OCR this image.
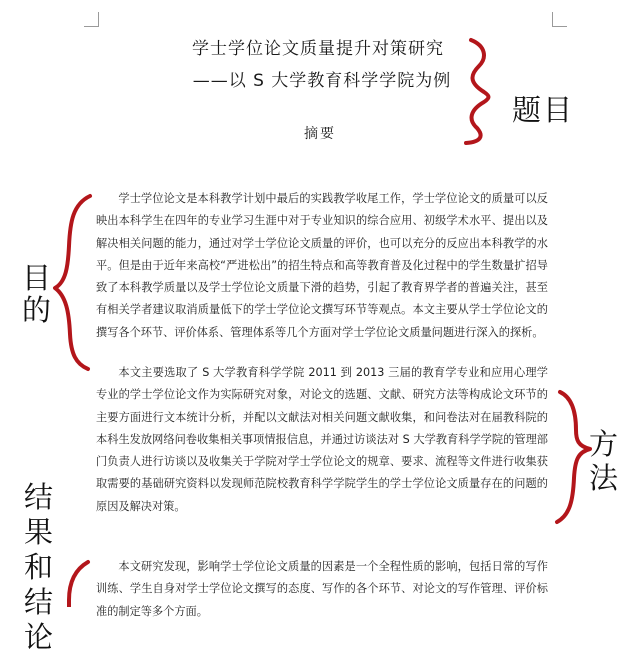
学士学位论文质量提升对策研究
——以 S 大学教育科学学院为例
摘要
学士学位论文是本科教学计划中最后的实践教学收尾工作，学士学位论文的质量可以反映出本科学生在四年的专业学习生涯中对于专业知识的综合应用、初级学术水平、提出以及解决相关问题的能力，通过对学士学位论文质量的评价，也可以充分的反应出本科教学的水平。但是由于近年来高校“严进松出”的招生特点和高等教育普及化过程中的学生数量扩招导致了本科教学质量以及学士学位论文质量下滑的趋势，引起了教育界学者的普遍关注，甚至有相关学者建议取消质量低下的学士学位论文撰写环节等观点。本文主要从学士学位论文的撰写各个环节、评价体系、管理体系等几个方面对学士学位论文质量问题进行深入的探析。
本文主要选取了 S 大学教育科学学院 2011 到 2013 三届的教育学专业和应用心理学专业的学士学位论文作为实际研究对象，对论文的选题、文献、研究方法等构成论文环节的主要方面进行文本统计分析，并配以文献法对相关问题文献收集，和问卷法对在届教科院的本科生发放网络问卷收集相关事项情报信息，并通过访谈法对 S 大学教育科学学院的管理部门负责人进行访谈以及收集关于学院对学士学位论文的规章、要求、流程等文件进行收集获取需要的基础研究资料以发现师范院校教育科学学院学生的学士学位论文质量存在的问题的原因及解决对策。
本文研究发现，影响学士学位论文质量的因素是一个全程性质的影响，包括日常的写作训练、学生自身对学士学位论文撰写的态度、写作的各个环节、对论文的写作管理、评价标准的制定等多个方面。
题目
目的
方法
结果和结论
